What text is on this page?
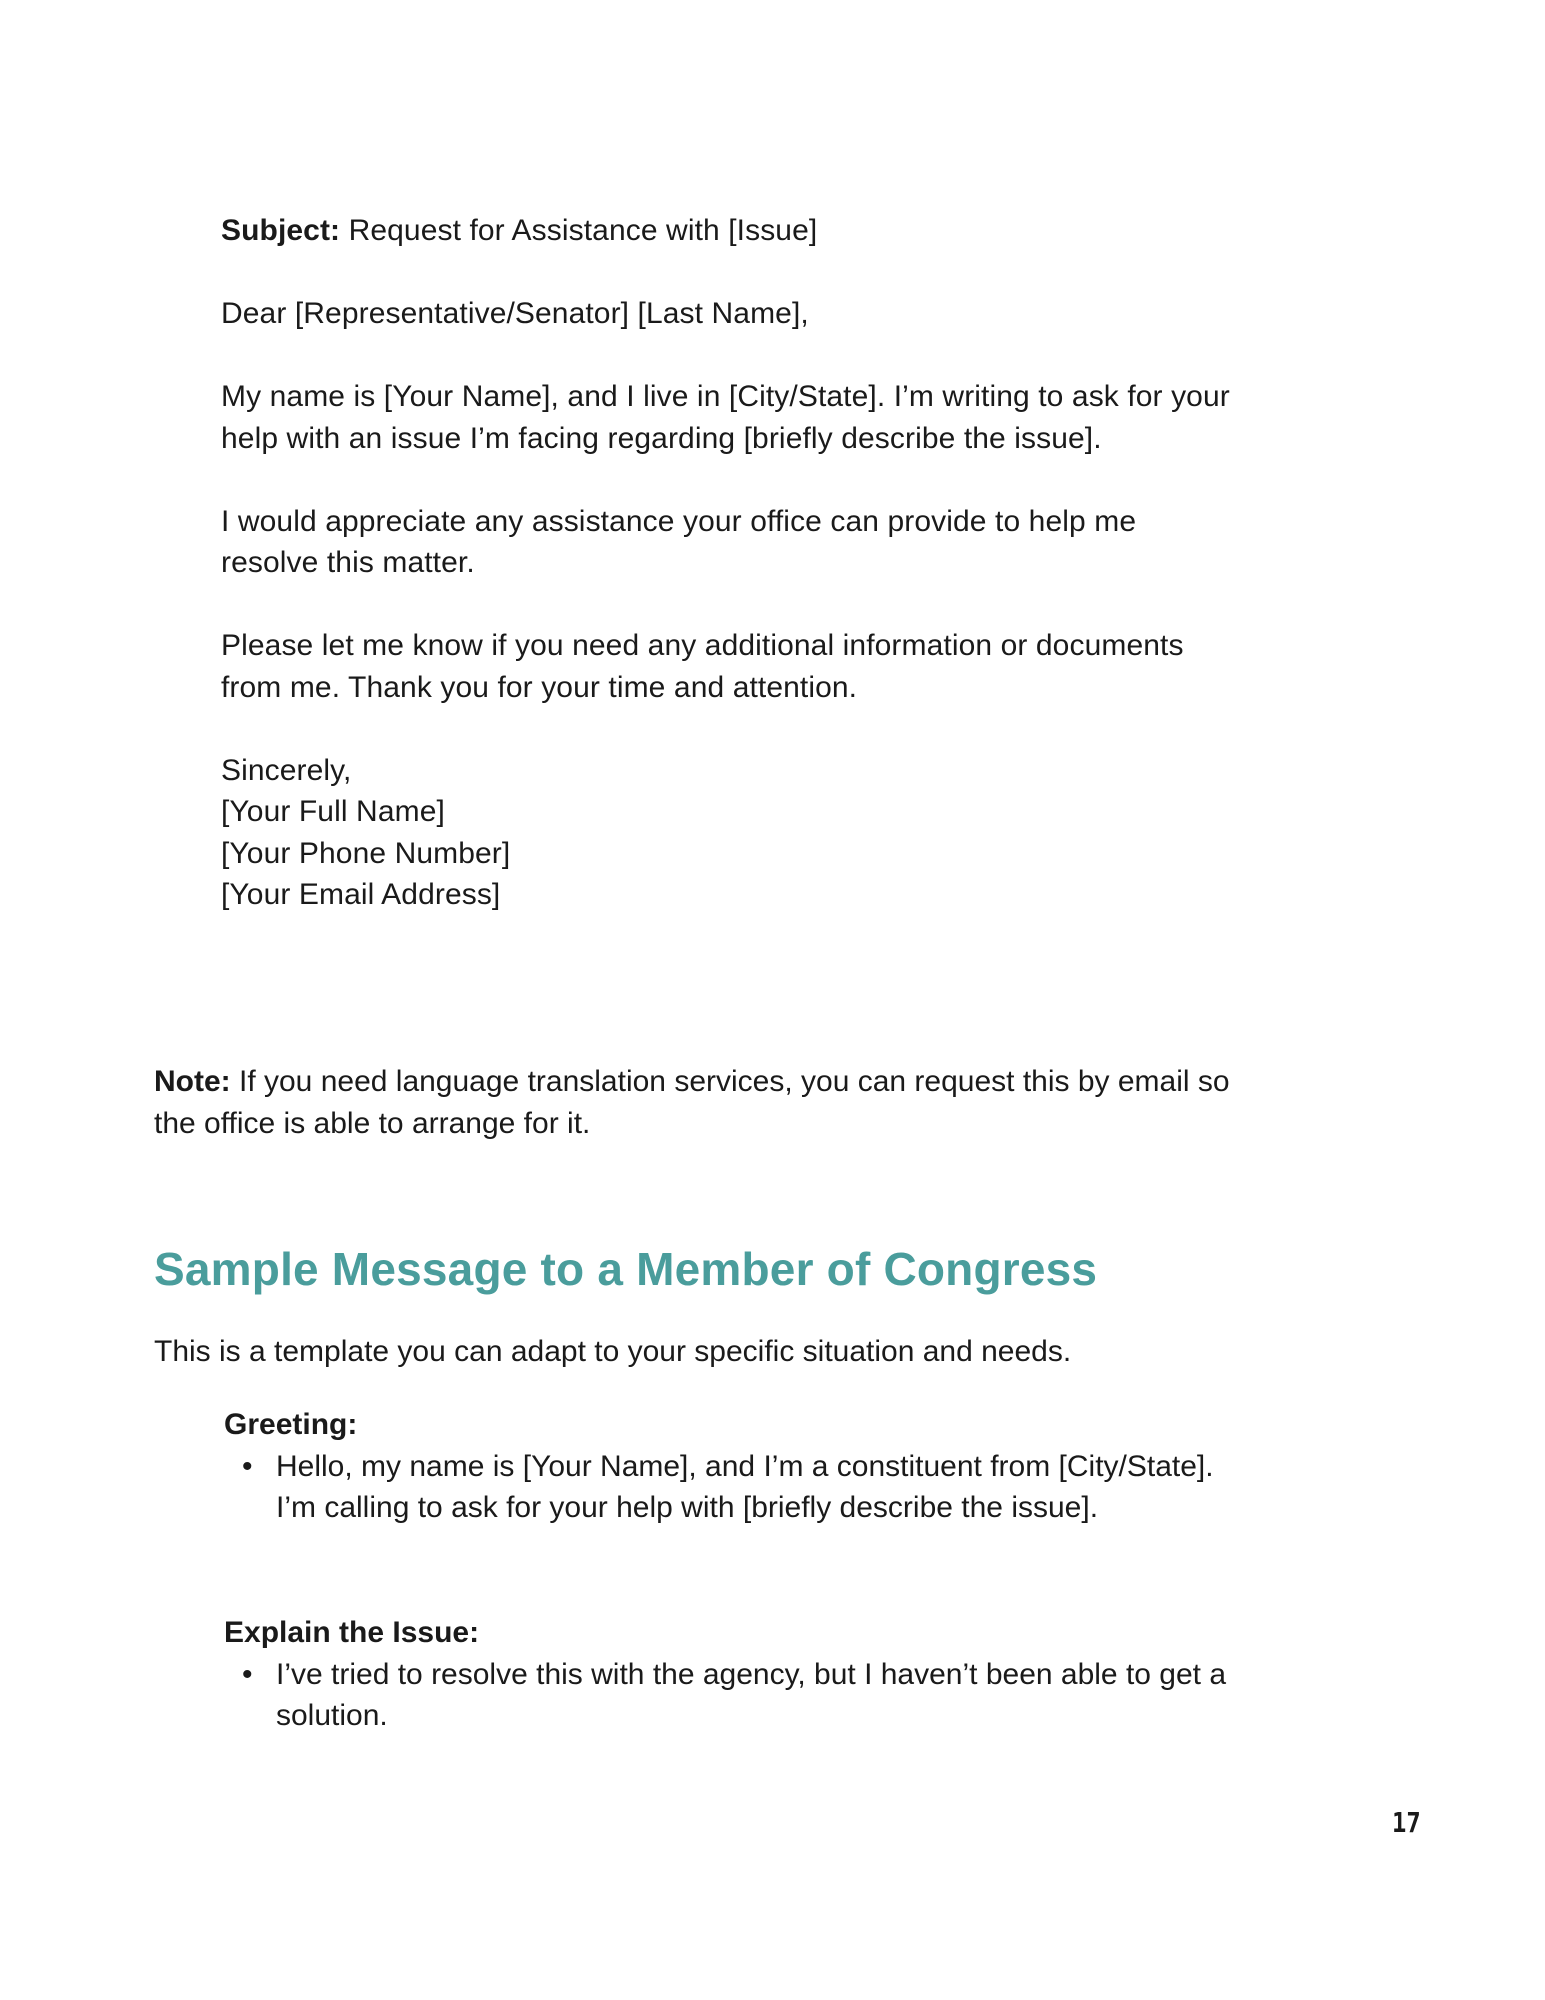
Subject: Request for Assistance with [Issue]

Dear [Representative/Senator] [Last Name],

My name is [Your Name], and I live in [City/State]. I’m writing to ask for your help with an issue I’m facing regarding [briefly describe the issue].

I would appreciate any assistance your office can provide to help me resolve this matter.

Please let me know if you need any additional information or documents from me. Thank you for your time and attention.

Sincerely,
[Your Full Name]
[Your Phone Number]
[Your Email Address]

Note: If you need language translation services, you can request this by email so the office is able to arrange for it.

Sample Message to a Member of Congress

This is a template you can adapt to your specific situation and needs.

Greeting:

• Hello, my name is [Your Name], and I’m a constituent from [City/State]. I’m calling to ask for your help with [briefly describe the issue].

Explain the Issue:

• I’ve tried to resolve this with the agency, but I haven’t been able to get a solution.
17
